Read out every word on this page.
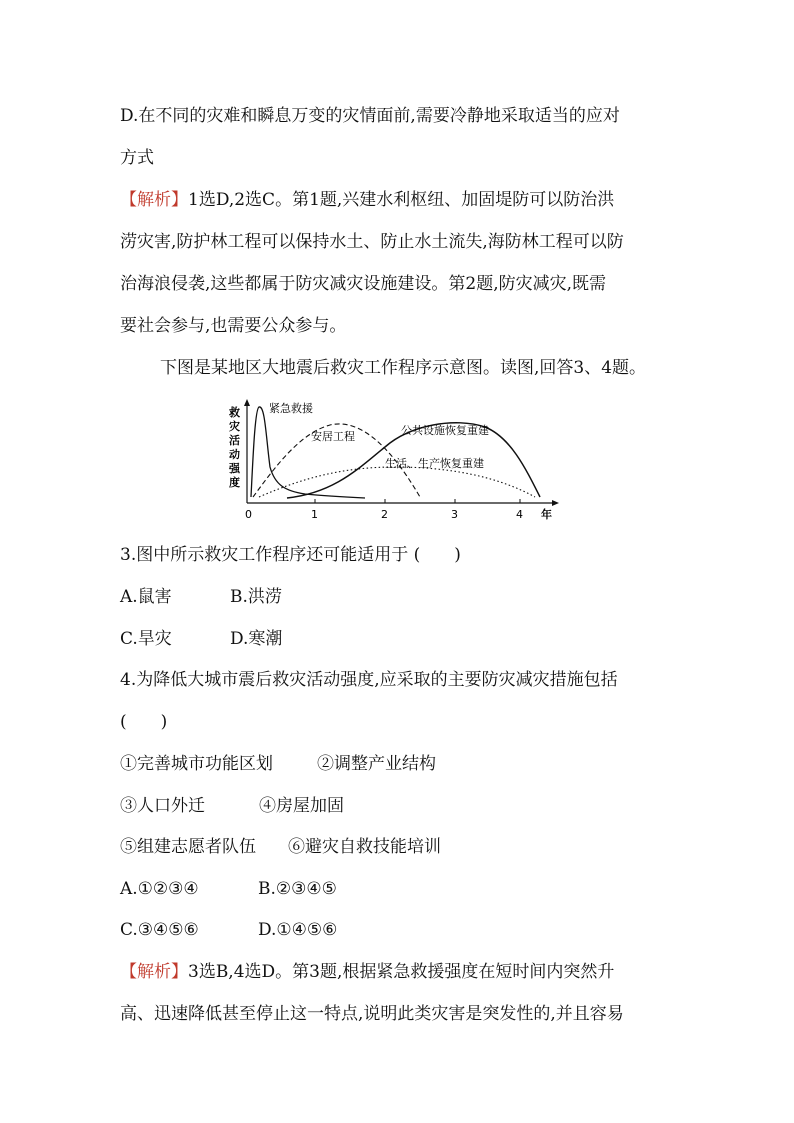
D.在不同的灾难和瞬息万变的灾情面前,需要冷静地采取适当的应对
方式
【解析】1选D,2选C。第1题,兴建水利枢纽、加固堤防可以防治洪
涝灾害,防护林工程可以保持水土、防止水土流失,海防林工程可以防
治海浪侵袭,这些都属于防灾减灾设施建设。第2题,防灾减灾,既需
要社会参与,也需要公众参与。
下图是某地区大地震后救灾工作程序示意图。读图,回答3、4题。
救
灾
活
动
强
度
0	1	2	3	4 年
紧急救援
安居工程	公共设施恢复重建
生活、生产恢复重建
3.图中所示救灾工作程序还可能适用于 (　　)
A.鼠害	B.洪涝
C.旱灾	D.寒潮
4.为降低大城市震后救灾活动强度,应采取的主要防灾减灾措施包括
(　　)
①完善城市功能区划	②调整产业结构
③人口外迁	④房屋加固
⑤组建志愿者队伍 ⑥避灾自救技能培训
A.①②③④	B.②③④⑤
C.③④⑤⑥	D.①④⑤⑥
【解析】3选B,4选D。第3题,根据紧急救援强度在短时间内突然升
高、迅速降低甚至停止这一特点,说明此类灾害是突发性的,并且容易
